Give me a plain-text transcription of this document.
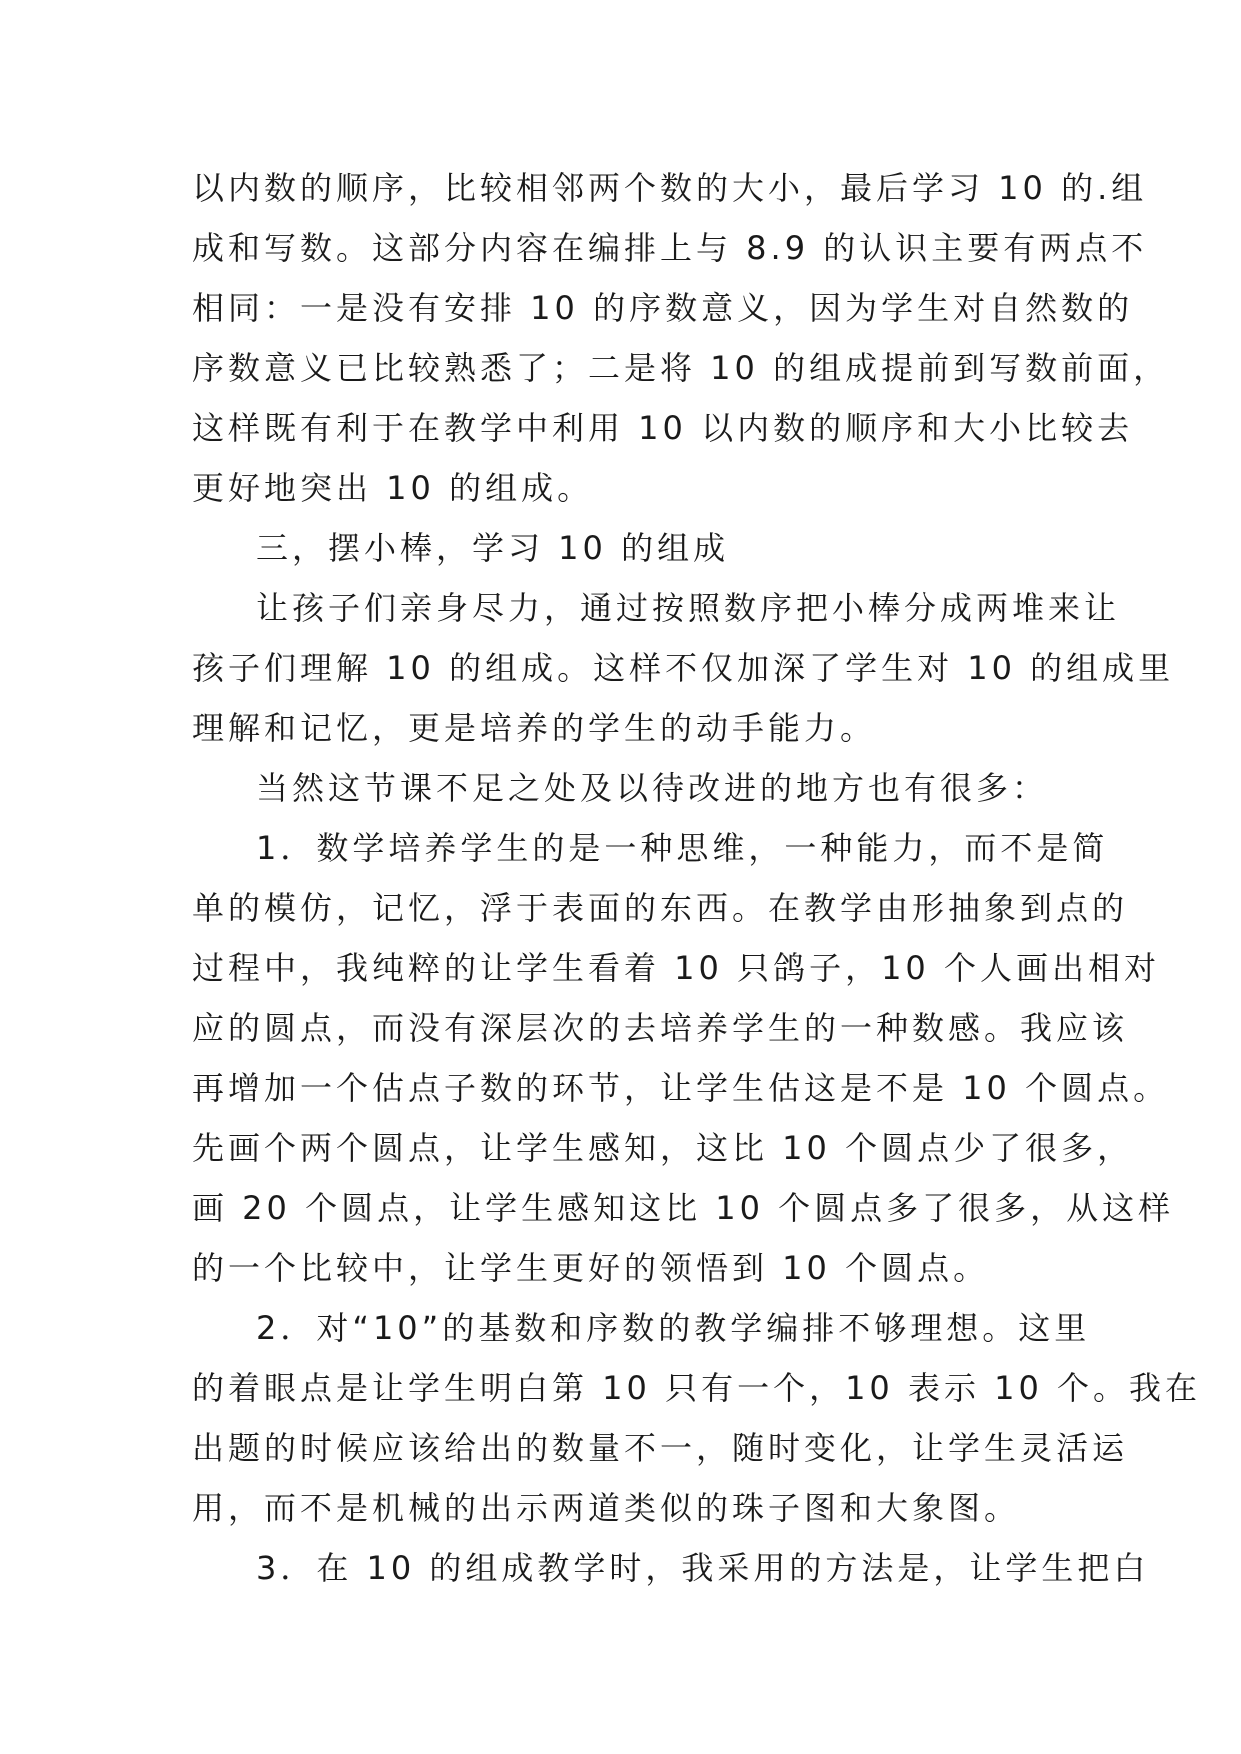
以内数的顺序，比较相邻两个数的大小，最后学习 10 的.组
成和写数。这部分内容在编排上与 8.9 的认识主要有两点不
相同：一是没有安排 10 的序数意义，因为学生对自然数的
序数意义已比较熟悉了；二是将 10 的组成提前到写数前面，
这样既有利于在教学中利用 10 以内数的顺序和大小比较去
更好地突出 10 的组成。
三，摆小棒，学习 10 的组成
让孩子们亲身尽力，通过按照数序把小棒分成两堆来让
孩子们理解 10 的组成。这样不仅加深了学生对 10 的组成里
理解和记忆，更是培养的学生的动手能力。
当然这节课不足之处及以待改进的地方也有很多：
1．数学培养学生的是一种思维，一种能力，而不是简
单的模仿，记忆，浮于表面的东西。在教学由形抽象到点的
过程中，我纯粹的让学生看着 10 只鸽子，10 个人画出相对
应的圆点，而没有深层次的去培养学生的一种数感。我应该
再增加一个估点子数的环节，让学生估这是不是 10 个圆点。
先画个两个圆点，让学生感知，这比 10 个圆点少了很多，
画 20 个圆点，让学生感知这比 10 个圆点多了很多，从这样
的一个比较中，让学生更好的领悟到 10 个圆点。
2．对“10”的基数和序数的教学编排不够理想。这里
的着眼点是让学生明白第 10 只有一个，10 表示 10 个。我在
出题的时候应该给出的数量不一，随时变化，让学生灵活运
用，而不是机械的出示两道类似的珠子图和大象图。
3．在 10 的组成教学时，我采用的方法是，让学生把白
